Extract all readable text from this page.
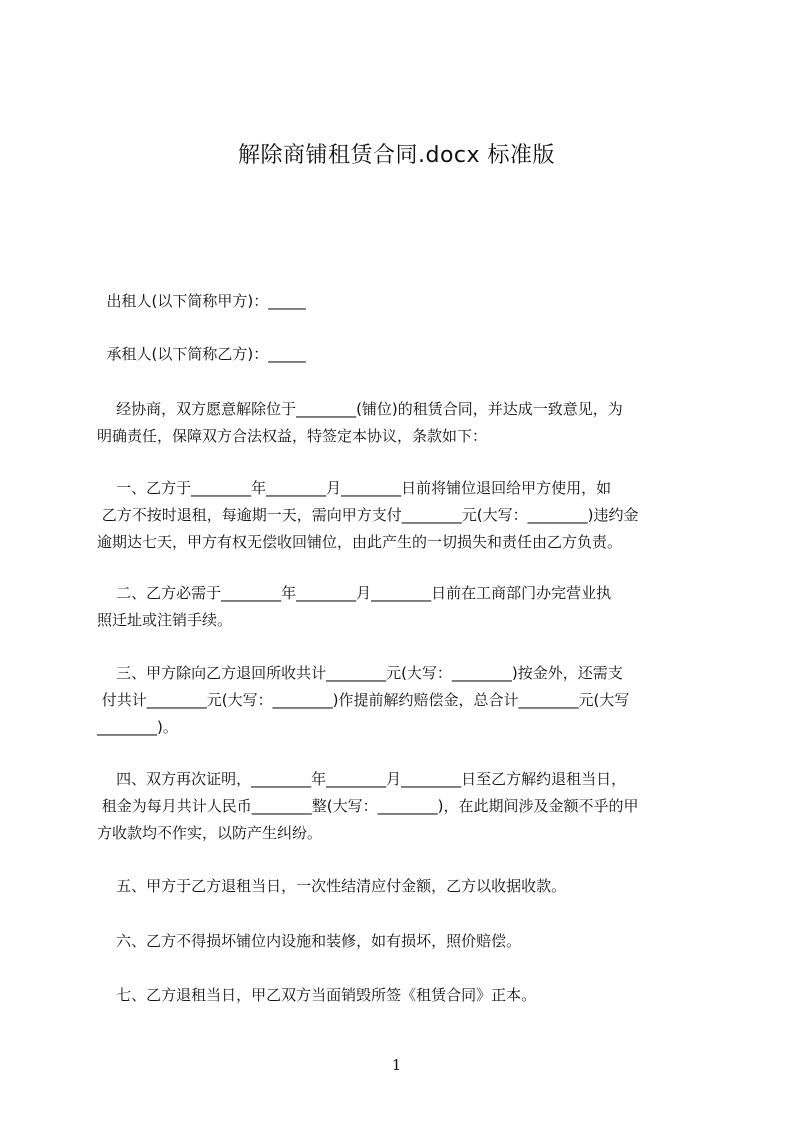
解除商铺租赁合同.docx 标准版
出租人(以下简称甲方)：_____
承租人(以下简称乙方)：_____
经协商，双方愿意解除位于________(铺位)的租赁合同，并达成一致意见，为
明确责任，保障双方合法权益，特签定本协议，条款如下：
一、乙方于________年________月________日前将铺位退回给甲方使用，如
乙方不按时退租，每逾期一天，需向甲方支付________元(大写：________)违约金
逾期达七天，甲方有权无偿收回铺位，由此产生的一切损失和责任由乙方负责。
二、乙方必需于________年________月________日前在工商部门办完营业执
照迁址或注销手续。
三、甲方除向乙方退回所收共计________元(大写：________)按金外，还需支
付共计________元(大写：________)作提前解约赔偿金，总合计________元(大写
________)。
四、双方再次证明，________年________月________日至乙方解约退租当日，
租金为每月共计人民币________整(大写：________)，在此期间涉及金额不乎的甲
方收款均不作实，以防产生纠纷。
五、甲方于乙方退租当日，一次性结清应付金额，乙方以收据收款。
六、乙方不得损坏铺位内设施和装修，如有损坏，照价赔偿。
七、乙方退租当日，甲乙双方当面销毁所签《租赁合同》正本。
1
